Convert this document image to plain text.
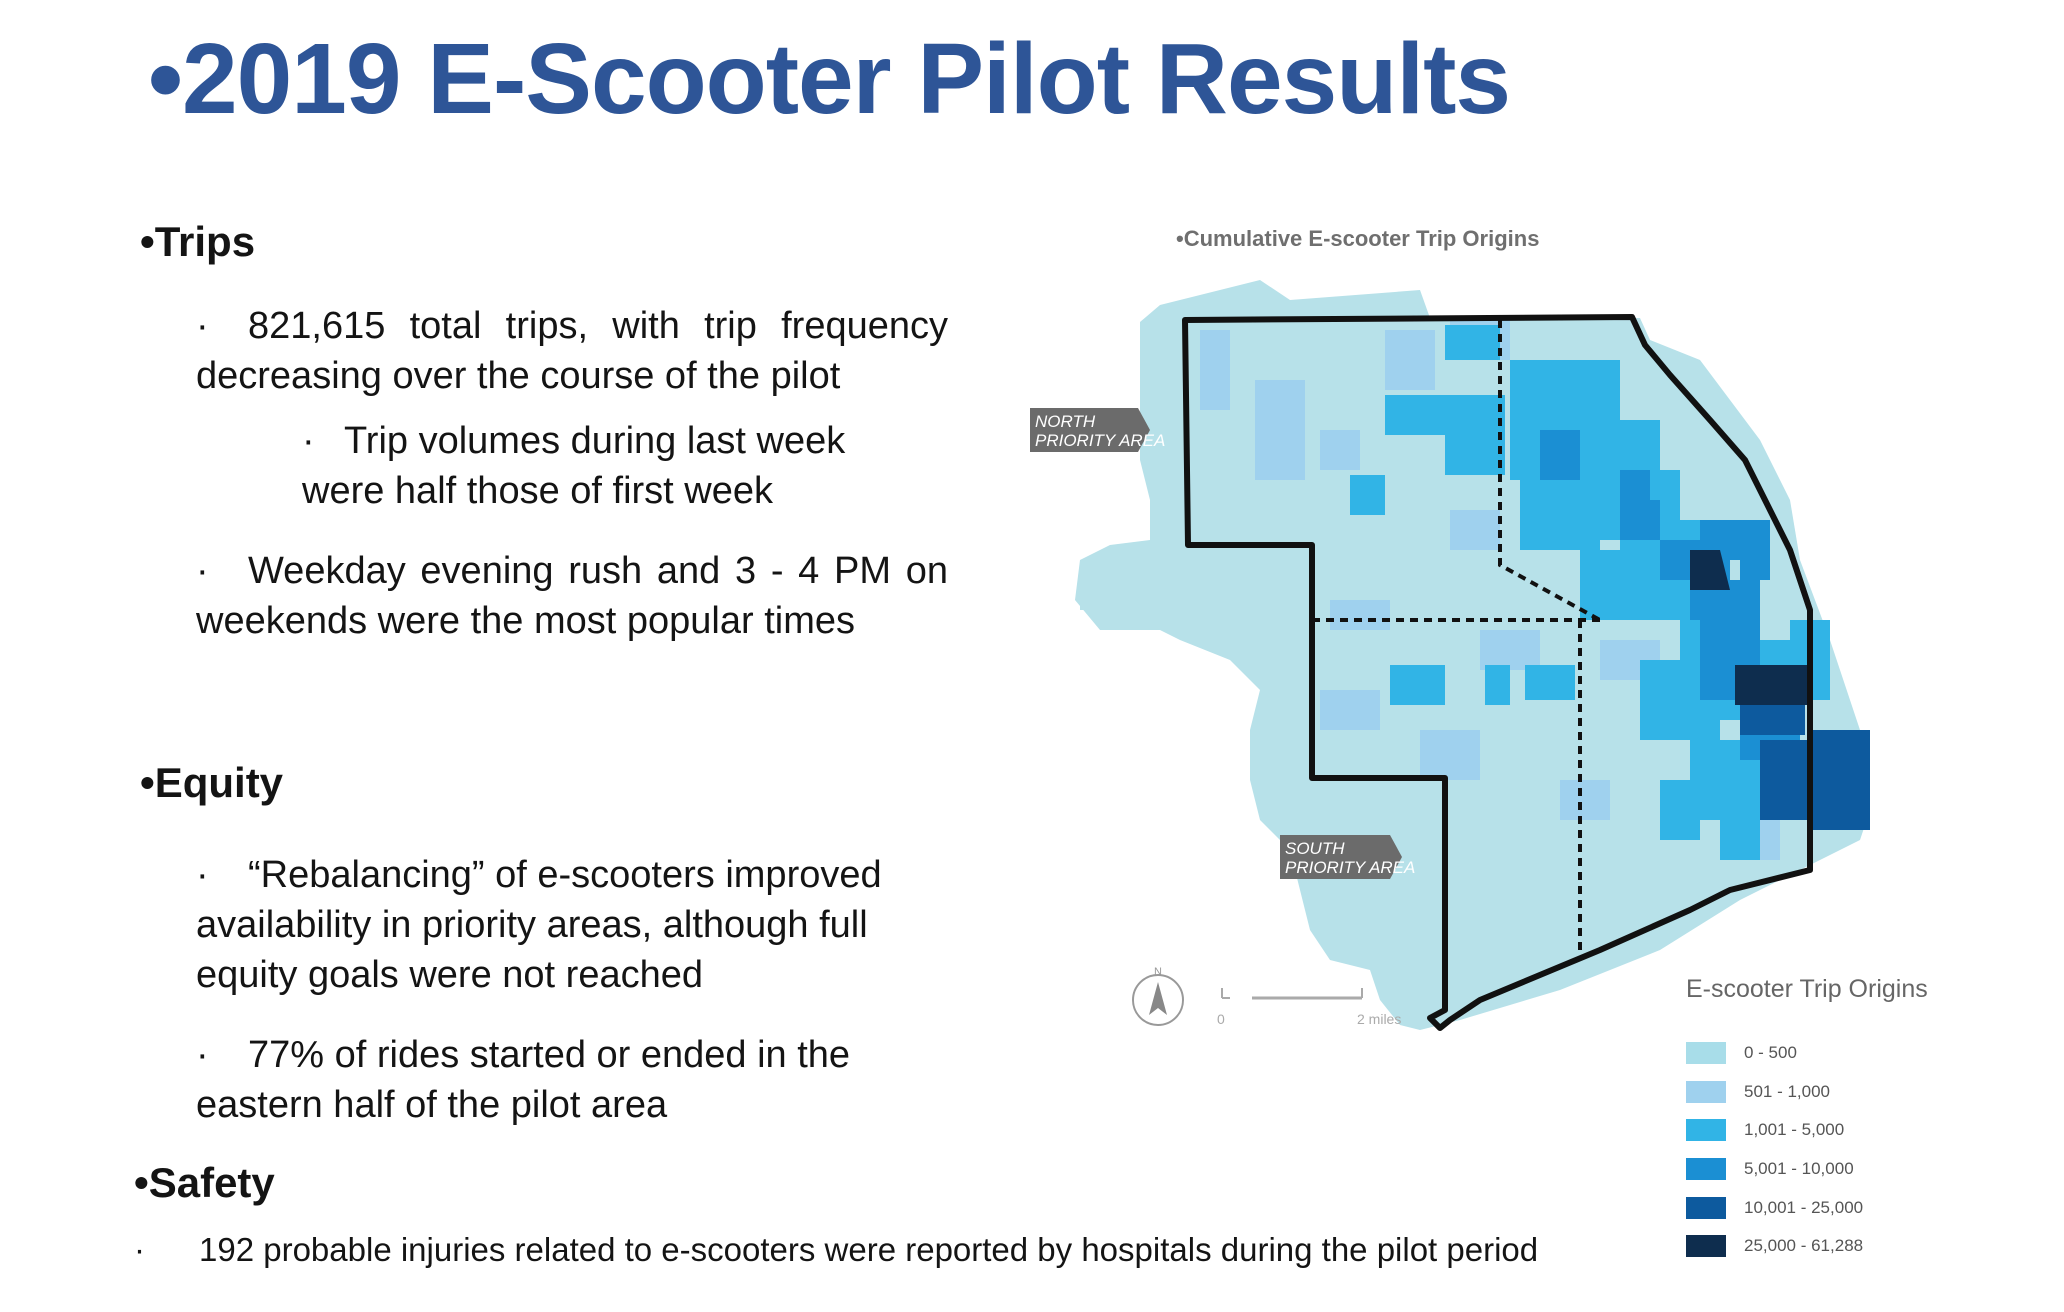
•2019 E-Scooter Pilot Results
•Trips

· 821,615 total trips, with trip frequency decreasing over the course of the pilot

· Trip volumes during last week were half those of first week

· Weekday evening rush and 3 - 4 PM on weekends were the most popular times

•Equity

· “Rebalancing” of e-scooters improved availability in priority areas, although full equity goals were not reached

· 77% of rides started or ended in the eastern half of the pilot area

•Safety
· 192 probable injuries related to e-scooters were reported by hospitals during the pilot period
•Cumulative E-scooter Trip Origins
NORTH
PRIORITY AREA
SOUTH
PRIORITY AREA
N
0	2 miles
E-scooter Trip Origins
0 - 500
501 - 1,000
1,001 - 5,000
5,001 - 10,000
10,001 - 25,000
25,000 - 61,288
